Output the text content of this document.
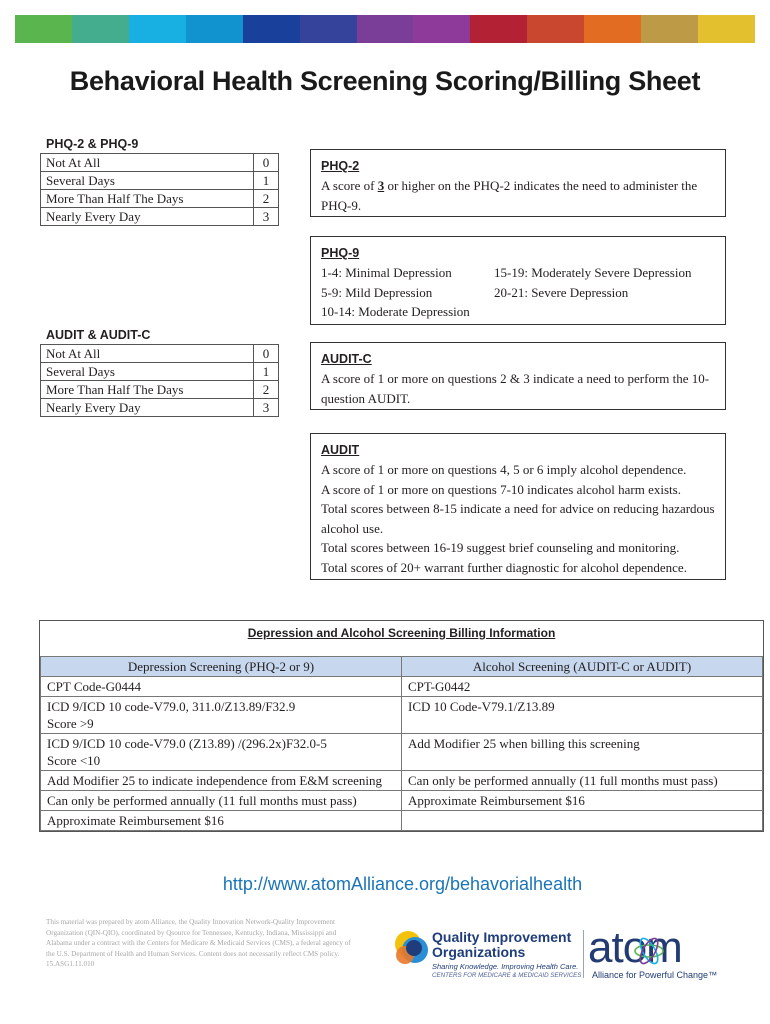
Behavioral Health Screening Scoring/Billing Sheet
PHQ-2 & PHQ-9
Not At All	0
Several Days	1
More Than Half The Days	2
Nearly Every Day	3
AUDIT & AUDIT-C
Not At All	0
Several Days	1
More Than Half The Days	2
Nearly Every Day	3
PHQ-2
A score of 3 or higher on the PHQ-2 indicates the need to administer the PHQ-9.
PHQ-9
1-4: Minimal Depression
5-9: Mild Depression
10-14: Moderate Depression
15-19: Moderately Severe Depression
20-21: Severe Depression
AUDIT-C
A score of 1 or more on questions 2 & 3 indicate a need to perform the 10-question AUDIT.
AUDIT
A score of 1 or more on questions 4, 5 or 6 imply alcohol dependence.
A score of 1 or more on questions 7-10 indicates alcohol harm exists.
Total scores between 8-15 indicate a need for advice on reducing hazardous alcohol use.
Total scores between 16-19 suggest brief counseling and monitoring.
Total scores of 20+ warrant further diagnostic for alcohol dependence.
Depression and Alcohol Screening Billing Information
Depression Screening (PHQ-2 or 9)	Alcohol Screening (AUDIT-C or AUDIT)
CPT Code-G0444	CPT-G0442
ICD 9/ICD 10 code-V79.0, 311.0/Z13.89/F32.9
Score >9	ICD 10 Code-V79.1/Z13.89
ICD 9/ICD 10 code-V79.0 (Z13.89) /(296.2x)F32.0-5
Score <10	Add Modifier 25 when billing this screening
Add Modifier 25 to indicate independence from E&M screening	Can only be performed annually (11 full months must pass)
Can only be performed annually (11 full months must pass)	Approximate Reimbursement $16
Approximate Reimbursement $16	
http://www.atomAlliance.org/behavorialhealth
This material was prepared by atom Alliance, the Quality Innovation Network-Quality Improvement Organization (QIN-QIO), coordinated by Qsource for Tennessee, Kentucky, Indiana, Mississippi and Alabama under a contract with the Centers for Medicare & Medicaid Services (CMS), a federal agency of the U.S. Department of Health and Human Services. Content does not necessarily reflect CMS policy. 15.ASG1.11.010
Quality Improvement
Organizations
Sharing Knowledge. Improving Health Care.
CENTERS FOR MEDICARE & MEDICAID SERVICES
atom
Alliance for Powerful Change™
